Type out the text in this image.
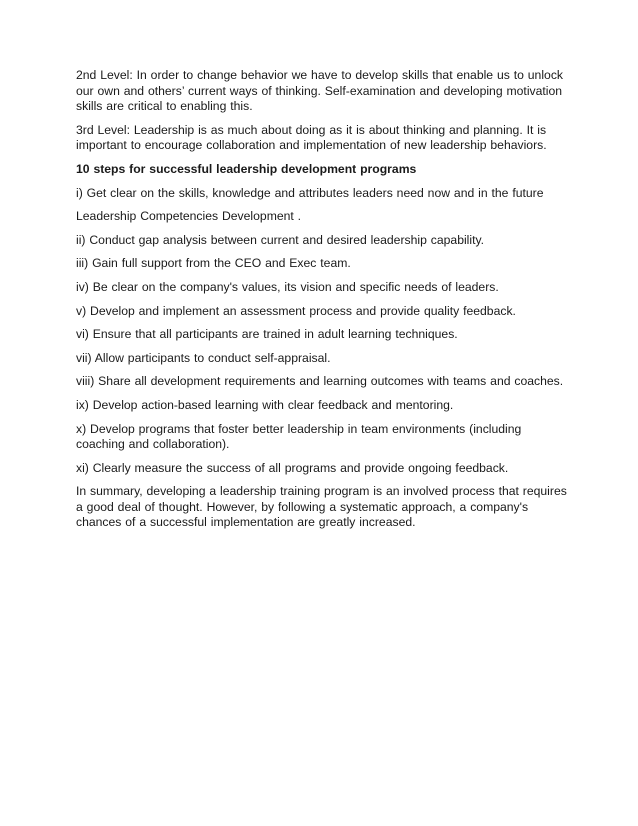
2nd Level: In order to change behavior we have to develop skills that enable us to unlock our own and others’ current ways of thinking. Self-examination and developing motivation skills are critical to enabling this.

3rd Level: Leadership is as much about doing as it is about thinking and planning. It is important to encourage collaboration and implementation of new leadership behaviors.

10 steps for successful leadership development programs

i) Get clear on the skills, knowledge and attributes leaders need now and in the future

Leadership Competencies Development .

ii) Conduct gap analysis between current and desired leadership capability.

iii) Gain full support from the CEO and Exec team.

iv) Be clear on the company's values, its vision and specific needs of leaders.

v) Develop and implement an assessment process and provide quality feedback.

vi) Ensure that all participants are trained in adult learning techniques.

vii) Allow participants to conduct self-appraisal.

viii) Share all development requirements and learning outcomes with teams and coaches.

ix) Develop action-based learning with clear feedback and mentoring.

x) Develop programs that foster better leadership in team environments (including coaching and collaboration).

xi) Clearly measure the success of all programs and provide ongoing feedback.

In summary, developing a leadership training program is an involved process that requires a good deal of thought. However, by following a systematic approach, a company's chances of a successful implementation are greatly increased.
